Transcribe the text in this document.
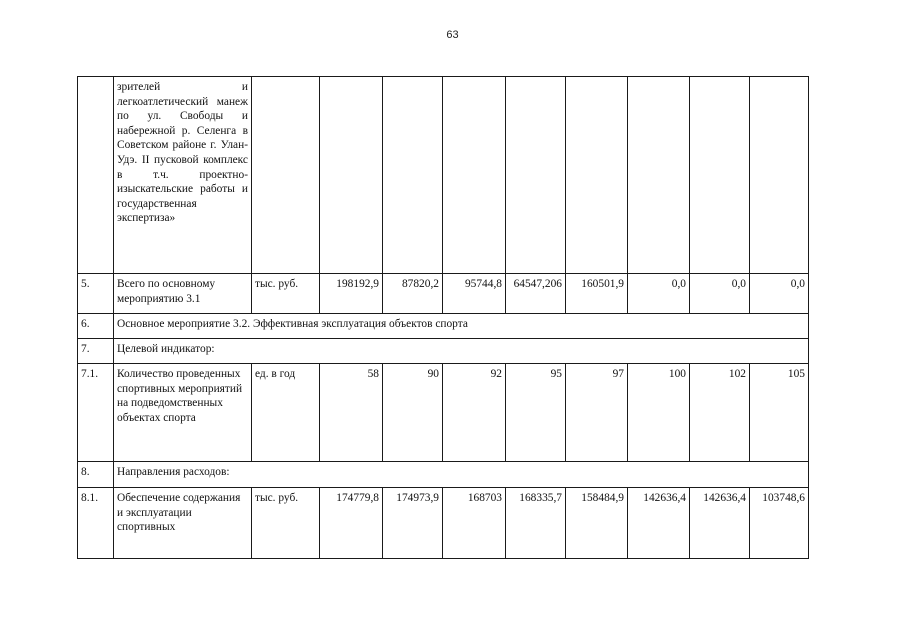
63
	зрителей и легкоатлетический манеж по ул. Свободы и набережной р. Селенга в Советском районе г. Улан-Удэ. II пусковой комплекс в т.ч. проектно-изыскательские работы и государственная экспертиза»									
5.	Всего по основному мероприятию 3.1	тыс. руб.	198192,9	87820,2	95744,8	64547,206	160501,9	0,0	0,0	0,0
6.	Основное мероприятие 3.2. Эффективная эксплуатация объектов спорта									
7.	Целевой индикатор:									
7.1.	Количество проведенных спортивных мероприятий на подведомственных объектах спорта	ед. в год	58	90	92	95	97	100	102	105
8.	Направления расходов:									
8.1.	Обеспечение содержания и эксплуатации спортивных	тыс. руб.	174779,8	174973,9	168703	168335,7	158484,9	142636,4	142636,4	103748,6
